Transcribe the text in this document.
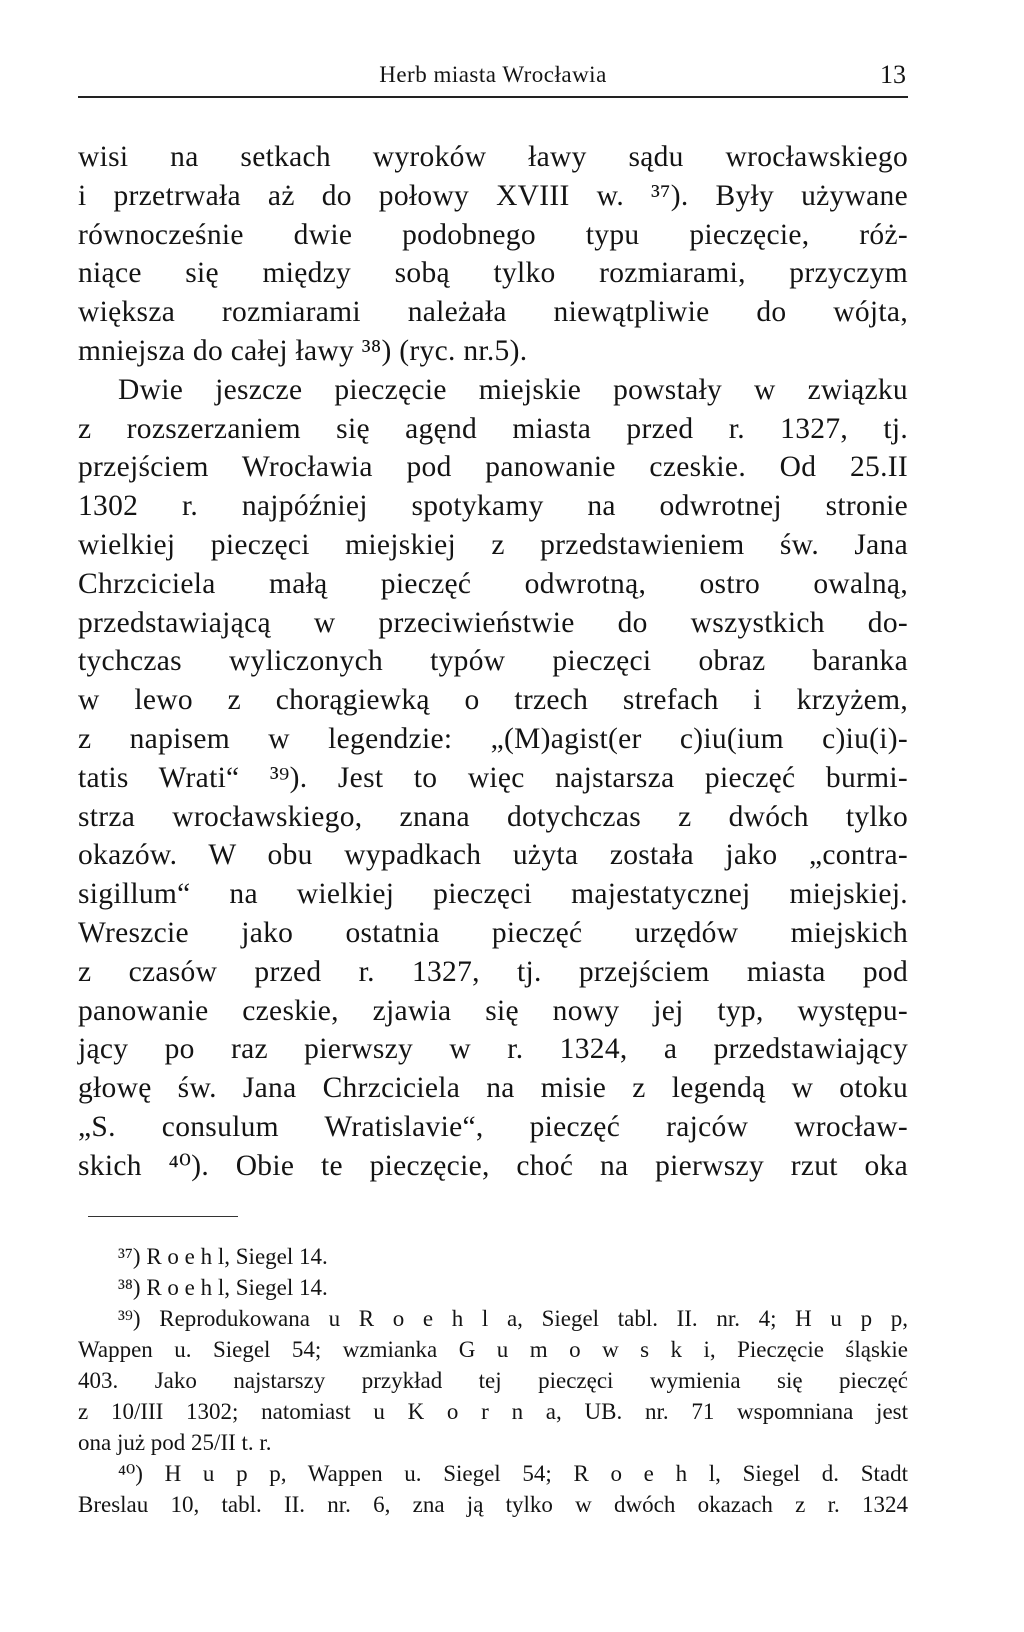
Herb miasta Wrocławia	13
wisi na setkach wyroków ławy sądu wrocławskiego
i przetrwała aż do połowy XVIII w. ³⁷). Były używane
równocześnie dwie podobnego typu pieczęcie, róż-
niące się między sobą tylko rozmiarami, przyczym
większa rozmiarami należała niewątpliwie do wójta,
mniejsza do całej ławy ³⁸) (ryc. nr.5).
Dwie jeszcze pieczęcie miejskie powstały w związku
z rozszerzaniem się agęnd miasta przed r. 1327, tj.
przejściem Wrocławia pod panowanie czeskie. Od 25.II
1302 r. najpóźniej spotykamy na odwrotnej stronie
wielkiej pieczęci miejskiej z przedstawieniem św. Jana
Chrzciciela małą pieczęć odwrotną, ostro owalną,
przedstawiającą w przeciwieństwie do wszystkich do-
tychczas wyliczonych typów pieczęci obraz baranka
w lewo z chorągiewką o trzech strefach i krzyżem,
z napisem w legendzie: „(M)agist(er c)iu(ium c)iu(i)-
tatis Wrati“ ³⁹). Jest to więc najstarsza pieczęć burmi-
strza wrocławskiego, znana dotychczas z dwóch tylko
okazów. W obu wypadkach użyta została jako „contra-
sigillum“ na wielkiej pieczęci majestatycznej miejskiej.
Wreszcie jako ostatnia pieczęć urzędów miejskich
z czasów przed r. 1327, tj. przejściem miasta pod
panowanie czeskie, zjawia się nowy jej typ, występu-
jący po raz pierwszy w r. 1324, a przedstawiający
głowę św. Jana Chrzciciela na misie z legendą w otoku
„S. consulum Wratislavie“, pieczęć rajców wrocław-
skich ⁴⁰). Obie te pieczęcie, choć na pierwszy rzut oka
³⁷) R o e h l, Siegel 14.
³⁸) R o e h l, Siegel 14.
³⁹) Reprodukowana u R o e h l a, Siegel tabl. II. nr. 4; H u p p,
Wappen u. Siegel 54; wzmianka G u m o w s k i, Pieczęcie śląskie
403. Jako najstarszy przykład tej pieczęci wymienia się pieczęć
z 10/III 1302; natomiast u K o r n a, UB. nr. 71 wspomniana jest
ona już pod 25/II t. r.
⁴⁰) H u p p, Wappen u. Siegel 54; R o e h l, Siegel d. Stadt
Breslau 10, tabl. II. nr. 6, zna ją tylko w dwóch okazach z r. 1324
